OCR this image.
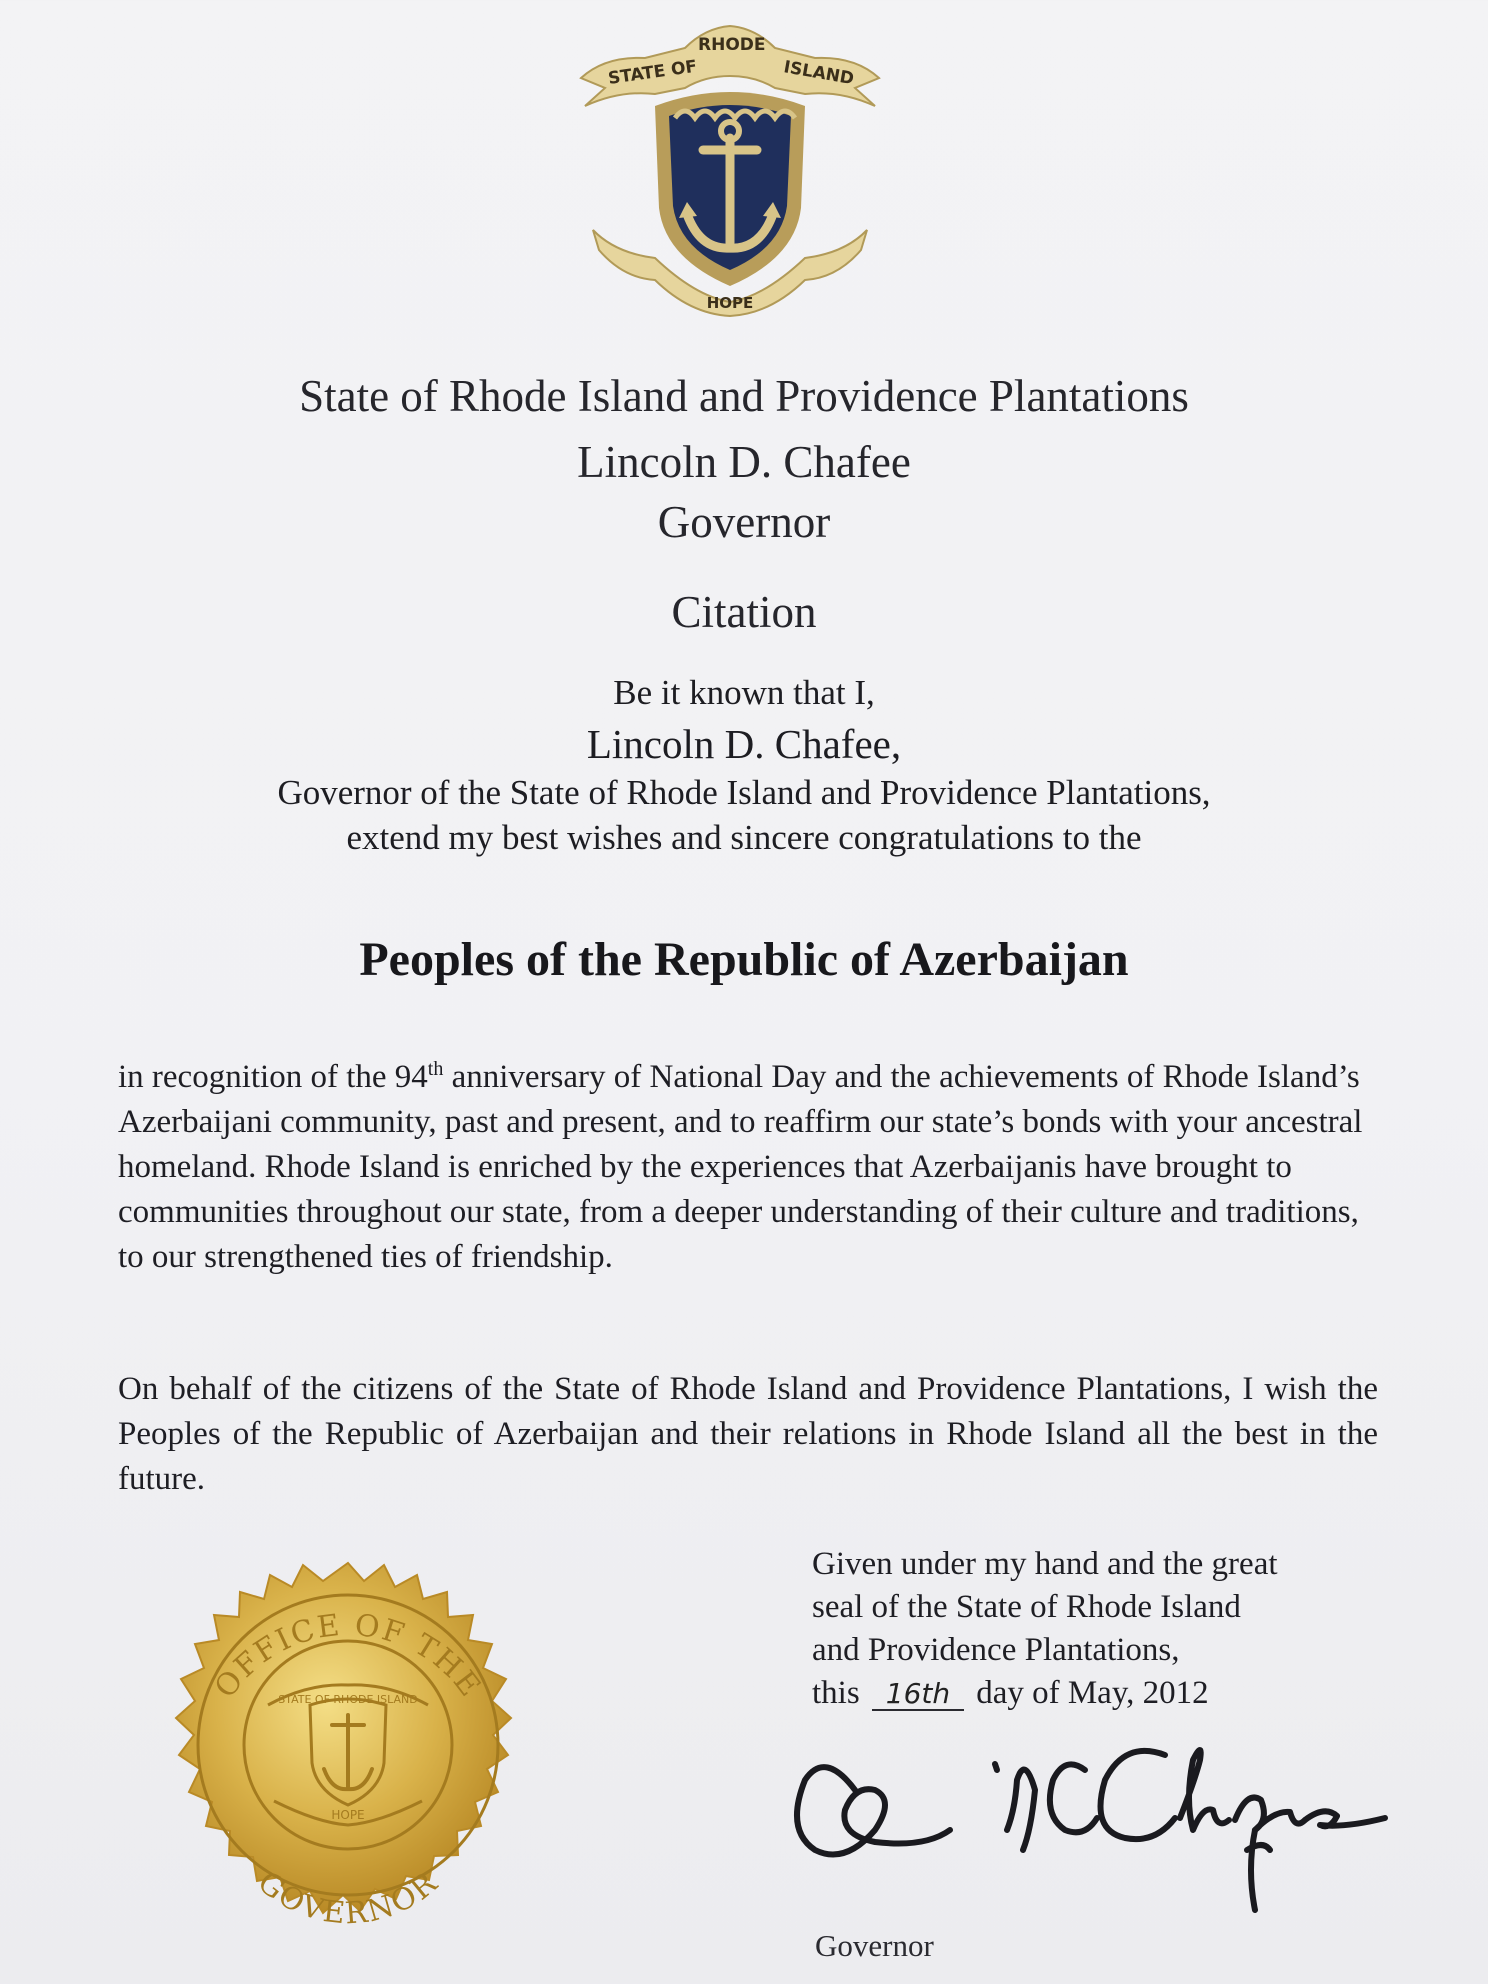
STATE OF
RHODE
ISLAND
HOPE
State of Rhode Island and Providence Plantations
Lincoln D. Chafee
Governor
Citation
Be it known that I,
Lincoln D. Chafee,
Governor of the State of Rhode Island and Providence Plantations,
extend my best wishes and sincere congratulations to the
Peoples of the Republic of Azerbaijan
in recognition of the 94th anniversary of National Day and the achievements of Rhode Island’s Azerbaijani community, past and present, and to reaffirm our state’s bonds with your ancestral homeland. Rhode Island is enriched by the experiences that Azerbaijanis have brought to communities throughout our state, from a deeper understanding of their culture and traditions, to our strengthened ties of friendship.
On behalf of the citizens of the State of Rhode Island and Providence Plantations, I wish the Peoples of the Republic of Azerbaijan and their relations in Rhode Island all the best in the future.
Given under my hand and the great
seal of the State of Rhode Island
and Providence Plantations,
this 16th day of May, 2012
Governor
OFFICE OF THE
GOVERNOR
STATE OF RHODE ISLAND
HOPE
